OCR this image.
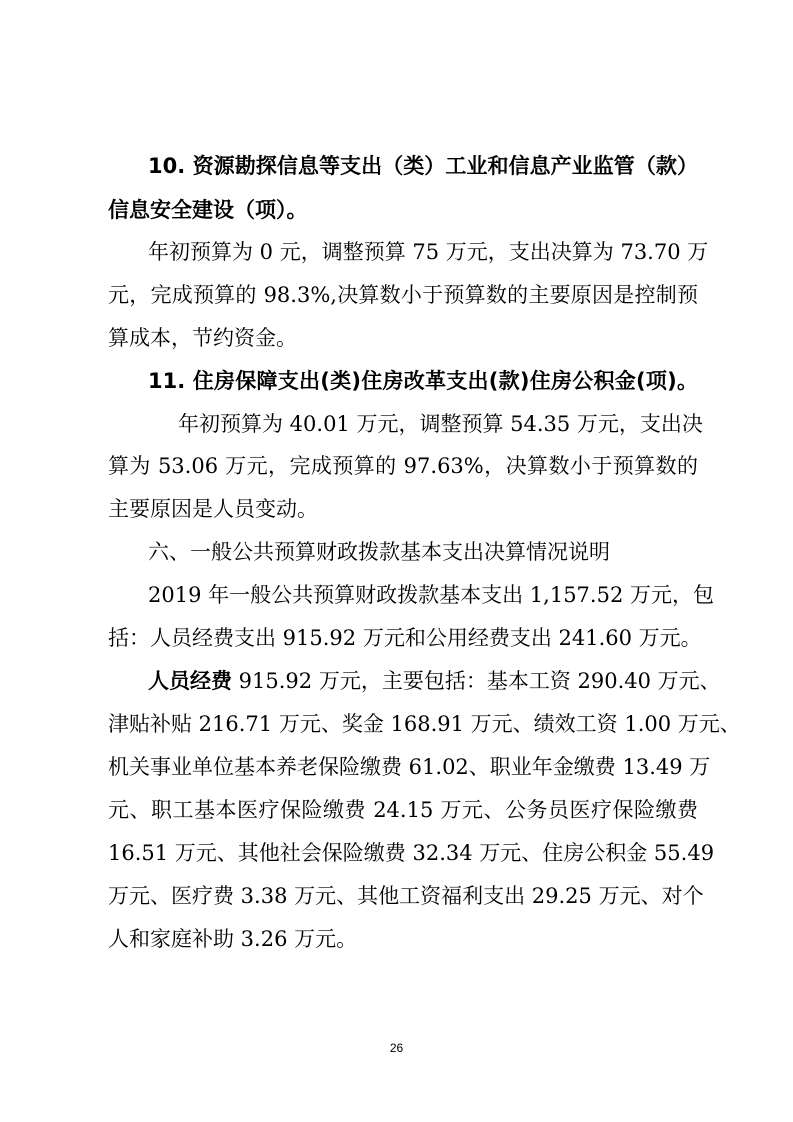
10. 资源勘探信息等支出（类）工业和信息产业监管（款）
信息安全建设（项）。
年初预算为 0 元，调整预算 75 万元，支出决算为 73.70 万
元，完成预算的 98.3%,决算数小于预算数的主要原因是控制预
算成本，节约资金。
11. 住房保障支出(类)住房改革支出(款)住房公积金(项)。
年初预算为 40.01 万元，调整预算 54.35 万元，支出决
算为 53.06 万元，完成预算的 97.63%，决算数小于预算数的
主要原因是人员变动。
六、一般公共预算财政拨款基本支出决算情况说明
2019 年一般公共预算财政拨款基本支出 1,157.52 万元，包
括：人员经费支出 915.92 万元和公用经费支出 241.60 万元。
人员经费 915.92 万元，主要包括：基本工资 290.40 万元、
津贴补贴 216.71 万元、奖金 168.91 万元、绩效工资 1.00 万元、
机关事业单位基本养老保险缴费 61.02、职业年金缴费 13.49 万
元、职工基本医疗保险缴费 24.15 万元、公务员医疗保险缴费
16.51 万元、其他社会保险缴费 32.34 万元、住房公积金 55.49
万元、医疗费 3.38 万元、其他工资福利支出 29.25 万元、对个
人和家庭补助 3.26 万元。
26
